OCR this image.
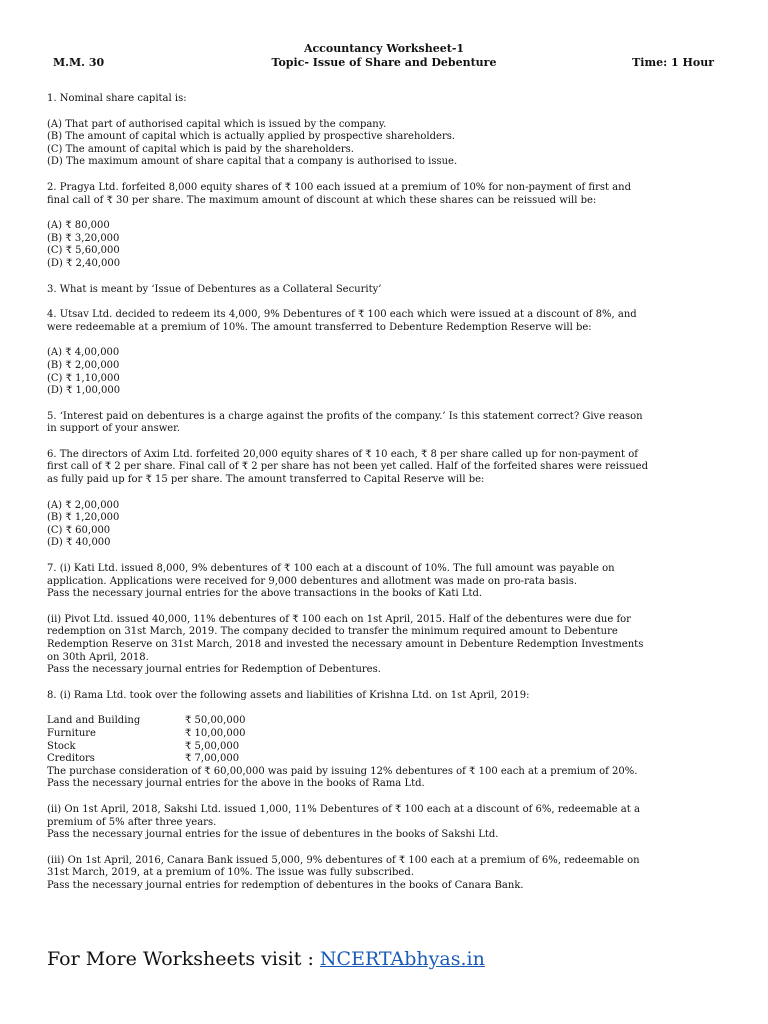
Accountancy Worksheet-1
M.M. 30	Topic- Issue of Share and Debenture	Time: 1 Hour
1. Nominal share capital is:
(A) That part of authorised capital which is issued by the company.
(B) The amount of capital which is actually applied by prospective shareholders.
(C) The amount of capital which is paid by the shareholders.
(D) The maximum amount of share capital that a company is authorised to issue.
2. Pragya Ltd. forfeited 8,000 equity shares of ₹ 100 each issued at a premium of 10% for non-payment of first and
final call of ₹ 30 per share. The maximum amount of discount at which these shares can be reissued will be:
(A) ₹ 80,000
(B) ₹ 3,20,000
(C) ₹ 5,60,000
(D) ₹ 2,40,000
3. What is meant by ‘Issue of Debentures as a Collateral Security’
4. Utsav Ltd. decided to redeem its 4,000, 9% Debentures of ₹ 100 each which were issued at a discount of 8%, and
were redeemable at a premium of 10%. The amount transferred to Debenture Redemption Reserve will be:
(A) ₹ 4,00,000
(B) ₹ 2,00,000
(C) ₹ 1,10,000
(D) ₹ 1,00,000
5. ‘Interest paid on debentures is a charge against the profits of the company.’ Is this statement correct? Give reason
in support of your answer.
6. The directors of Axim Ltd. forfeited 20,000 equity shares of ₹ 10 each, ₹ 8 per share called up for non-payment of
first call of ₹ 2 per share. Final call of ₹ 2 per share has not been yet called. Half of the forfeited shares were reissued
as fully paid up for ₹ 15 per share. The amount transferred to Capital Reserve will be:
(A) ₹ 2,00,000
(B) ₹ 1,20,000
(C) ₹ 60,000
(D) ₹ 40,000
7. (i) Kati Ltd. issued 8,000, 9% debentures of ₹ 100 each at a discount of 10%. The full amount was payable on
application. Applications were received for 9,000 debentures and allotment was made on pro-rata basis.
Pass the necessary journal entries for the above transactions in the books of Kati Ltd.
(ii) Pivot Ltd. issued 40,000, 11% debentures of ₹ 100 each on 1st April, 2015. Half of the debentures were due for
redemption on 31st March, 2019. The company decided to transfer the minimum required amount to Debenture
Redemption Reserve on 31st March, 2018 and invested the necessary amount in Debenture Redemption Investments
on 30th April, 2018.
Pass the necessary journal entries for Redemption of Debentures.
8. (i) Rama Ltd. took over the following assets and liabilities of Krishna Ltd. on 1st April, 2019:
Land and Building	₹ 50,00,000
Furniture	₹ 10,00,000
Stock	₹ 5,00,000
Creditors	₹ 7,00,000
The purchase consideration of ₹ 60,00,000 was paid by issuing 12% debentures of ₹ 100 each at a premium of 20%.
Pass the necessary journal entries for the above in the books of Rama Ltd.
(ii) On 1st April, 2018, Sakshi Ltd. issued 1,000, 11% Debentures of ₹ 100 each at a discount of 6%, redeemable at a
premium of 5% after three years.
Pass the necessary journal entries for the issue of debentures in the books of Sakshi Ltd.
(iii) On 1st April, 2016, Canara Bank issued 5,000, 9% debentures of ₹ 100 each at a premium of 6%, redeemable on
31st March, 2019, at a premium of 10%. The issue was fully subscribed.
Pass the necessary journal entries for redemption of debentures in the books of Canara Bank.
For More Worksheets visit : NCERTAbhyas.in
